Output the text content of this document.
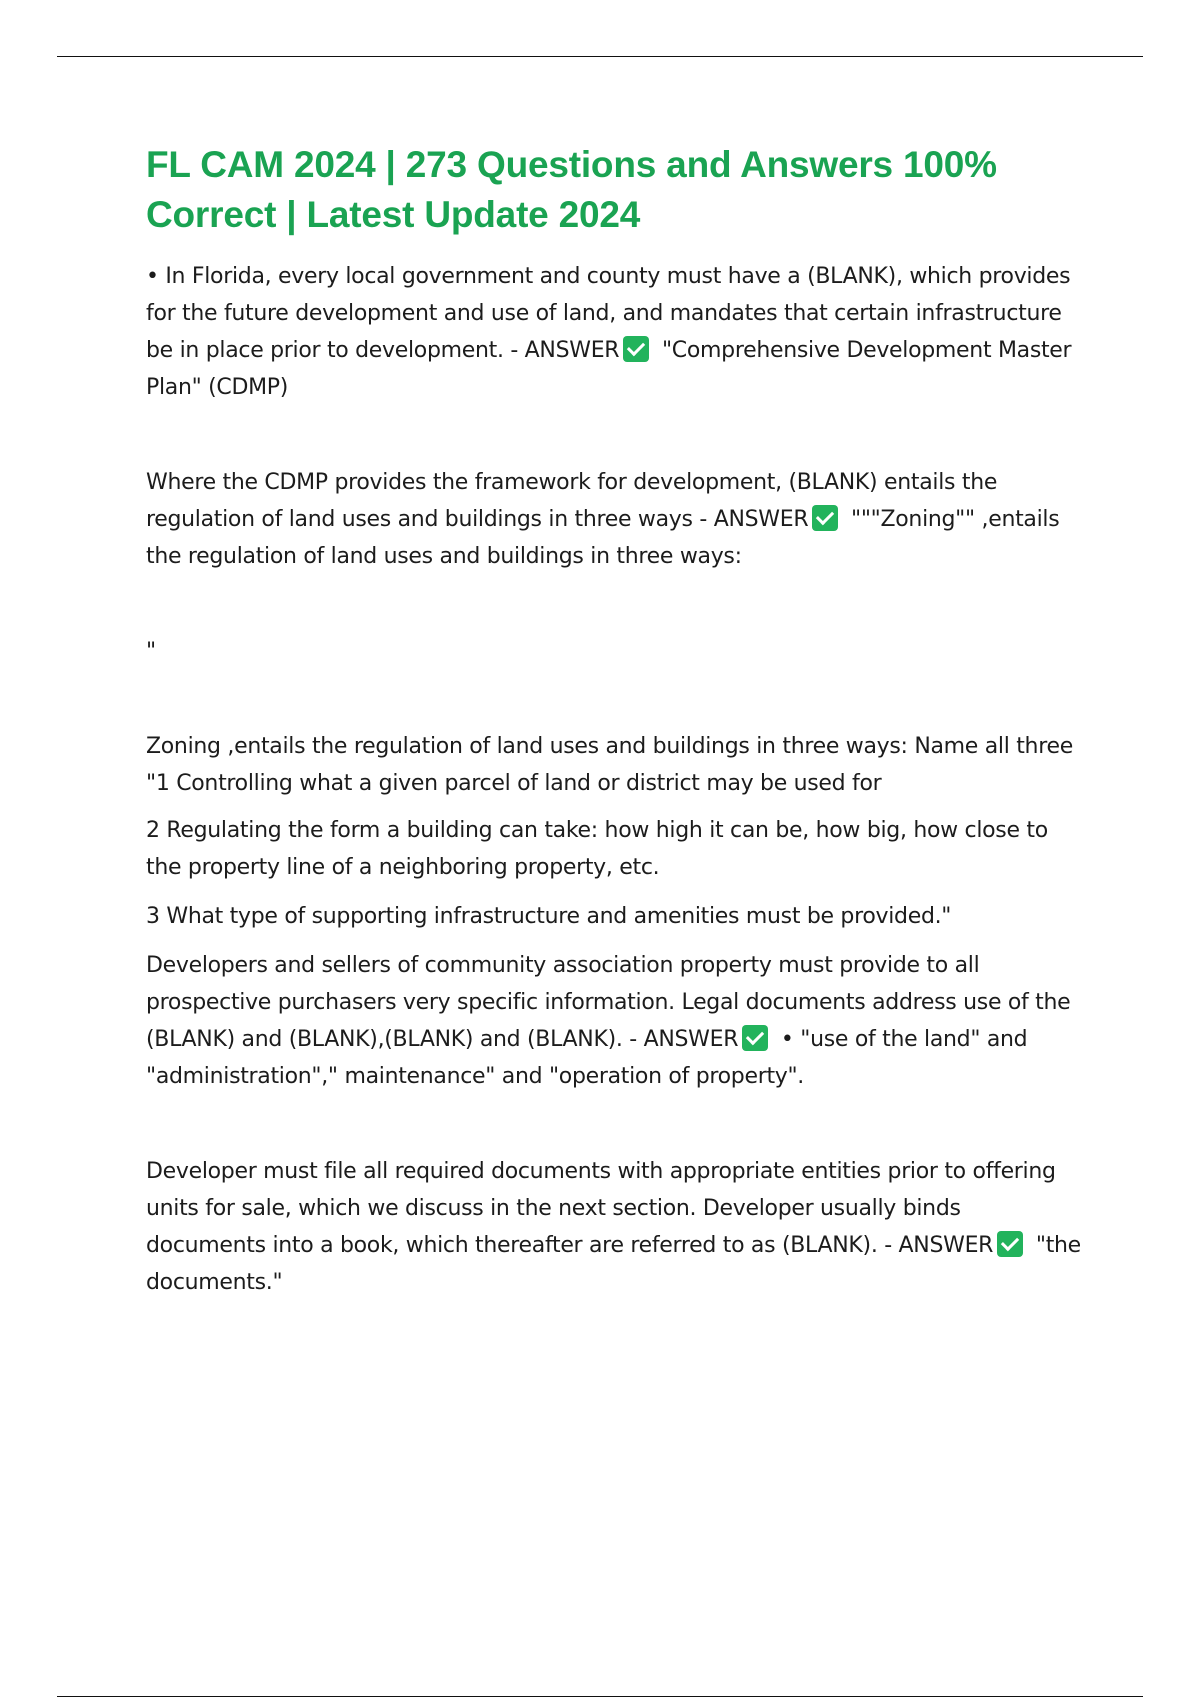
FL CAM 2024 | 273 Questions and Answers 100%
Correct | Latest Update 2024

• In Florida, every local government and county must have a (BLANK), which provides for the future development and use of land, and mandates that certain infrastructure be in place prior to development. - ANSWER "Comprehensive Development Master Plan" (CDMP)

Where the CDMP provides the framework for development, (BLANK) entails the regulation of land uses and buildings in three ways - ANSWER """Zoning"" ,entails the regulation of land uses and buildings in three ways:

"

Zoning ,entails the regulation of land uses and buildings in three ways: Name all three "1 Controlling what a given parcel of land or district may be used for

2 Regulating the form a building can take: how high it can be, how big, how close to the property line of a neighboring property, etc.

3 What type of supporting infrastructure and amenities must be provided."

Developers and sellers of community association property must provide to all prospective purchasers very specific information. Legal documents address use of the (BLANK) and (BLANK),(BLANK) and (BLANK). - ANSWER • "use of the land" and "administration"," maintenance" and "operation of property".

Developer must file all required documents with appropriate entities prior to offering units for sale, which we discuss in the next section. Developer usually binds documents into a book, which thereafter are referred to as (BLANK). - ANSWER "the documents."
